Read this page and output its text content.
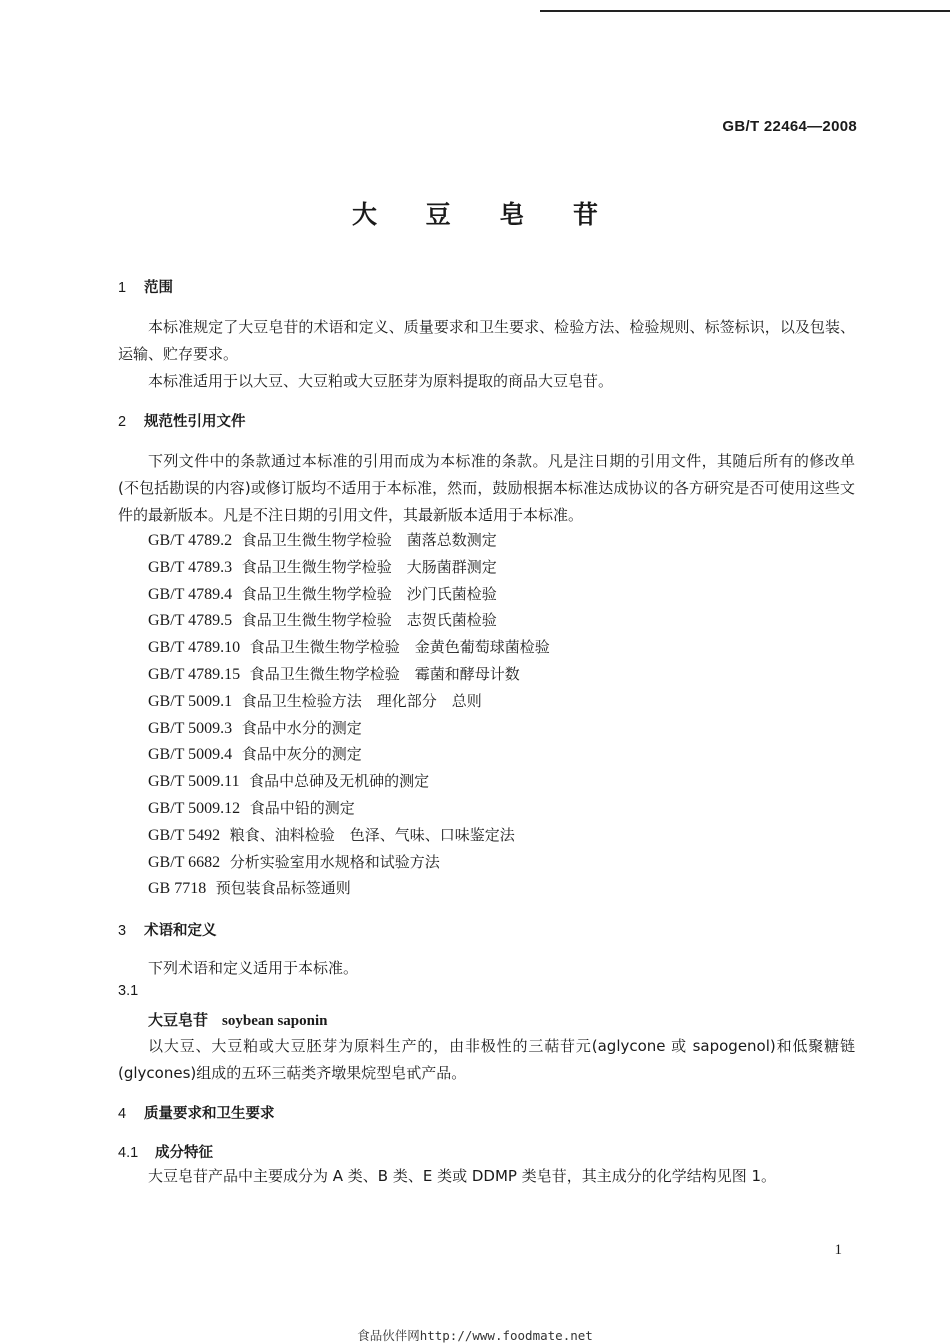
GB/T 22464—2008
大 豆 皂 苷
1 范围
本标准规定了大豆皂苷的术语和定义、质量要求和卫生要求、检验方法、检验规则、标签标识，以及包装、运输、贮存要求。
本标准适用于以大豆、大豆粕或大豆胚芽为原料提取的商品大豆皂苷。
2 规范性引用文件
下列文件中的条款通过本标准的引用而成为本标准的条款。凡是注日期的引用文件，其随后所有的修改单(不包括勘误的内容)或修订版均不适用于本标准，然而，鼓励根据本标准达成协议的各方研究是否可使用这些文件的最新版本。凡是不注日期的引用文件，其最新版本适用于本标准。
GB/T 4789.2 食品卫生微生物学检验　菌落总数测定
GB/T 4789.3 食品卫生微生物学检验　大肠菌群测定
GB/T 4789.4 食品卫生微生物学检验　沙门氏菌检验
GB/T 4789.5 食品卫生微生物学检验　志贺氏菌检验
GB/T 4789.10 食品卫生微生物学检验　金黄色葡萄球菌检验
GB/T 4789.15 食品卫生微生物学检验　霉菌和酵母计数
GB/T 5009.1 食品卫生检验方法　理化部分　总则
GB/T 5009.3 食品中水分的测定
GB/T 5009.4 食品中灰分的测定
GB/T 5009.11 食品中总砷及无机砷的测定
GB/T 5009.12 食品中铅的测定
GB/T 5492 粮食、油料检验　色泽、气味、口味鉴定法
GB/T 6682 分析实验室用水规格和试验方法
GB 7718 预包装食品标签通则
3 术语和定义
下列术语和定义适用于本标准。
3.1
大豆皂苷 soybean saponin
以大豆、大豆粕或大豆胚芽为原料生产的，由非极性的三萜苷元(aglycone 或 sapogenol)和低聚糖链(glycones)组成的五环三萜类齐墩果烷型皂甙产品。
4 质量要求和卫生要求
4.1 成分特征
大豆皂苷产品中主要成分为 A 类、B 类、E 类或 DDMP 类皂苷，其主成分的化学结构见图 1。
1
食品伙伴网http://www.foodmate.net
